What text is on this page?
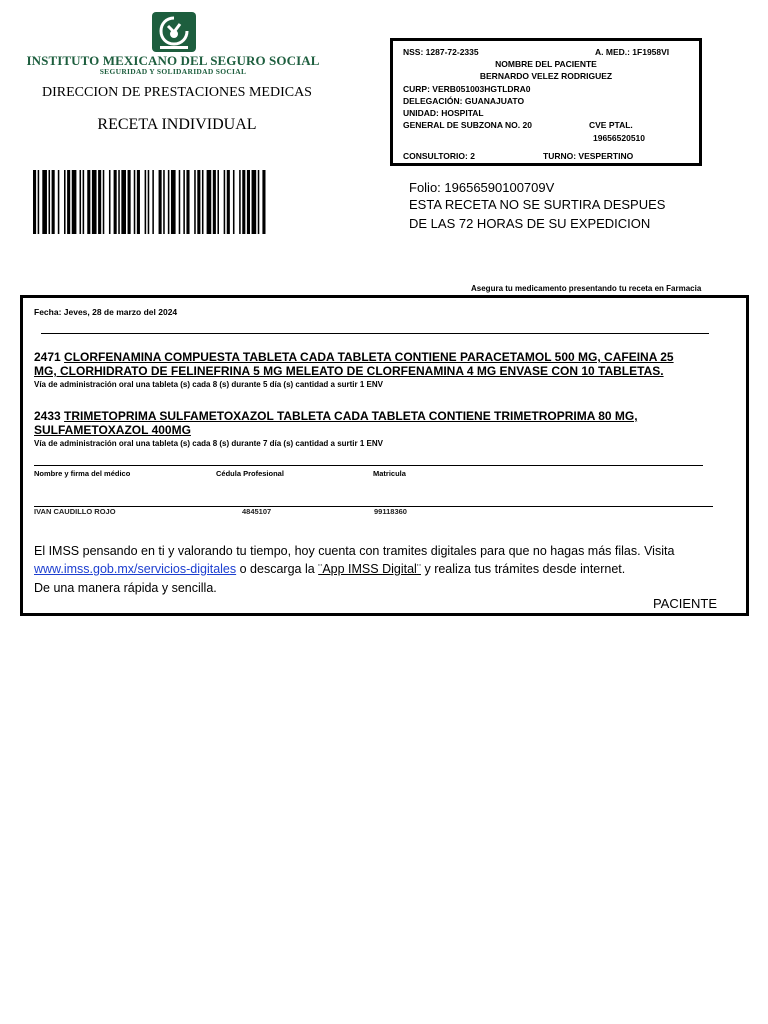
INSTITUTO MEXICANO DEL SEGURO SOCIAL
SEGURIDAD Y SOLIDARIDAD SOCIAL
DIRECCION DE PRESTACIONES MEDICAS
RECETA INDIVIDUAL
NSS: 1287-72-2335	A. MED.: 1F1958VI
NOMBRE DEL PACIENTE
BERNARDO VELEZ RODRIGUEZ
CURP: VERB051003HGTLDRA0
DELEGACIÓN: GUANAJUATO
UNIDAD: HOSPITAL
GENERAL DE SUBZONA NO. 20	CVE PTAL.
19656520510
CONSULTORIO: 2	TURNO: VESPERTINO
Folio: 19656590100709V
ESTA RECETA NO SE SURTIRA DESPUES
DE LAS 72 HORAS DE SU EXPEDICION
Asegura tu medicamento presentando tu receta en Farmacia
Fecha: Jeves, 28 de marzo del 2024
2471 CLORFENAMINA COMPUESTA TABLETA CADA TABLETA CONTIENE PARACETAMOL 500 MG, CAFEINA 25
MG, CLORHIDRATO DE FELINEFRINA 5 MG MELEATO DE CLORFENAMINA 4 MG ENVASE CON 10 TABLETAS.
Vía de administración oral una tableta (s) cada 8 (s) durante 5 día (s) cantidad a surtir 1 ENV
2433 TRIMETOPRIMA SULFAMETOXAZOL TABLETA CADA TABLETA CONTIENE TRIMETROPRIMA 80 MG,
SULFAMETOXAZOL 400MG
Vía de administración oral una tableta (s) cada 8 (s) durante 7 día (s) cantidad a surtir 1 ENV
Nombre y firma del médico	Cédula Profesional	Matricula
IVAN CAUDILLO ROJO	4845107	99118360
El IMSS pensando en ti y valorando tu tiempo, hoy cuenta con tramites digitales para que no hagas más filas. Visita
www.imss.gob.mx/servicios-digitales o descarga la ¨App IMSS Digital¨ y realiza tus trámites desde internet.
De una manera rápida y sencilla.
PACIENTE
